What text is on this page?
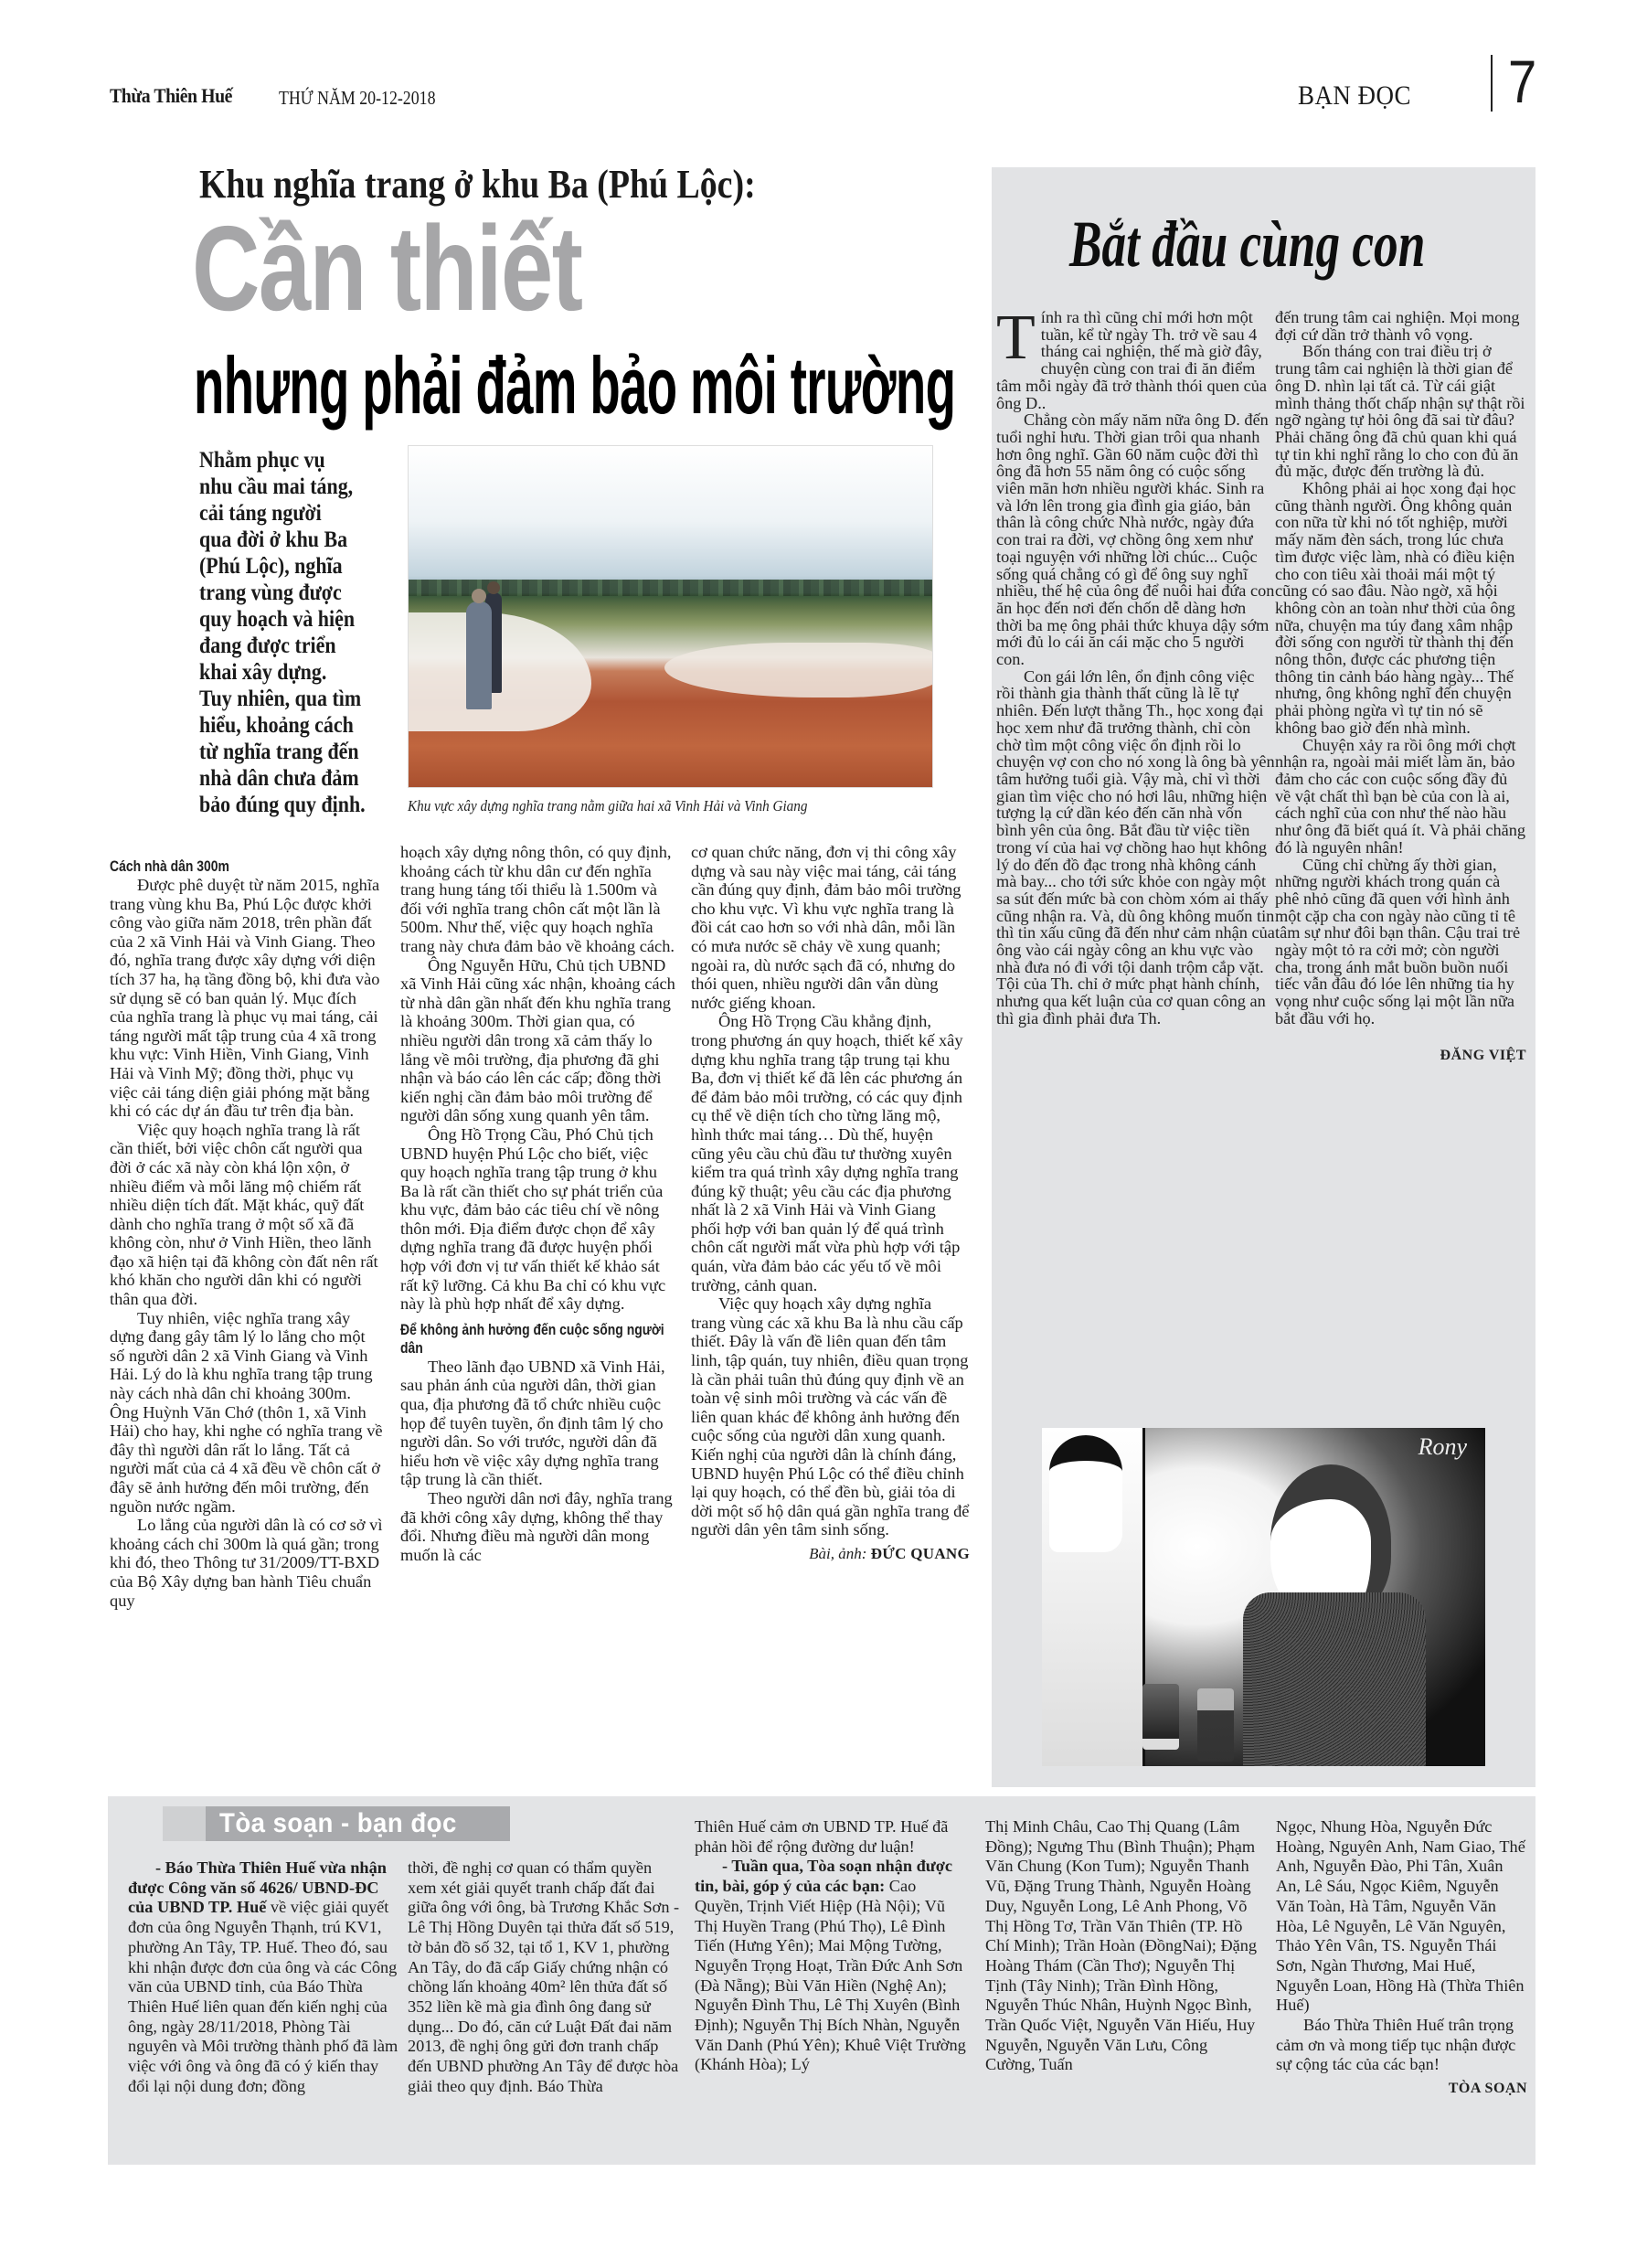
Thừa Thiên Huế THỨ NĂM 20-12-2018	BẠN ĐỌC 7
Khu nghĩa trang ở khu Ba (Phú Lộc):
Cần thiết
nhưng phải đảm bảo môi trường
Nhằm phục vụ
nhu cầu mai táng,
cải táng người
qua đời ở khu Ba
(Phú Lộc), nghĩa
trang vùng được
quy hoạch và hiện
đang được triển
khai xây dựng.
Tuy nhiên, qua tìm
hiểu, khoảng cách
từ nghĩa trang đến
nhà dân chưa đảm
bảo đúng quy định.	Khu vực xây dựng nghĩa trang nằm giữa hai xã Vinh Hải và Vinh Giang
Cách nhà dân 300m

Được phê duyệt từ năm 2015, nghĩa trang vùng khu Ba, Phú Lộc được khởi công vào giữa năm 2018, trên phần đất của 2 xã Vinh Hải và Vinh Giang. Theo đó, nghĩa trang được xây dựng với diện tích 37 ha, hạ tầng đồng bộ, khi đưa vào sử dụng sẽ có ban quản lý. Mục đích của nghĩa trang là phục vụ mai táng, cải táng người mất tập trung của 4 xã trong khu vực: Vinh Hiền, Vinh Giang, Vinh Hải và Vinh Mỹ; đồng thời, phục vụ việc cải táng diện giải phóng mặt bằng khi có các dự án đầu tư trên địa bàn.

Việc quy hoạch nghĩa trang là rất cần thiết, bởi việc chôn cất người qua đời ở các xã này còn khá lộn xộn, ở nhiều điểm và mỗi lăng mộ chiếm rất nhiều diện tích đất. Mặt khác, quỹ đất dành cho nghĩa trang ở một số xã đã không còn, như ở Vinh Hiền, theo lãnh đạo xã hiện tại đã không còn đất nên rất khó khăn cho người dân khi có người thân qua đời.

Tuy nhiên, việc nghĩa trang xây dựng đang gây tâm lý lo lắng cho một số người dân 2 xã Vinh Giang và Vinh Hải. Lý do là khu nghĩa trang tập trung này cách nhà dân chỉ khoảng 300m. Ông Huỳnh Văn Chớ (thôn 1, xã Vinh Hải) cho hay, khi nghe có nghĩa trang về đây thì người dân rất lo lắng. Tất cả người mất của cả 4 xã đều về chôn cất ở đây sẽ ảnh hưởng đến môi trường, đến nguồn nước ngầm.

Lo lắng của người dân là có cơ sở vì khoảng cách chỉ 300m là quá gần; trong khi đó, theo Thông tư 31/2009/TT-BXD của Bộ Xây dựng ban hành Tiêu chuẩn quy

hoạch xây dựng nông thôn, có quy định, khoảng cách từ khu dân cư đến nghĩa trang hung táng tối thiểu là 1.500m và đối với nghĩa trang chôn cất một lần là 500m. Như thế, việc quy hoạch nghĩa trang này chưa đảm bảo về khoảng cách.

Ông Nguyễn Hữu, Chủ tịch UBND xã Vinh Hải cũng xác nhận, khoảng cách từ nhà dân gần nhất đến khu nghĩa trang là khoảng 300m. Thời gian qua, có nhiều người dân trong xã cảm thấy lo lắng về môi trường, địa phương đã ghi nhận và báo cáo lên các cấp; đồng thời kiến nghị cần đảm bảo môi trường để người dân sống xung quanh yên tâm.

Ông Hồ Trọng Cầu, Phó Chủ tịch UBND huyện Phú Lộc cho biết, việc quy hoạch nghĩa trang tập trung ở khu Ba là rất cần thiết cho sự phát triển của khu vực, đảm bảo các tiêu chí về nông thôn mới. Địa điểm được chọn để xây dựng nghĩa trang đã được huyện phối hợp với đơn vị tư vấn thiết kế khảo sát rất kỹ lưỡng. Cả khu Ba chỉ có khu vực này là phù hợp nhất để xây dựng.

Để không ảnh hưởng đến cuộc sống người dân

Theo lãnh đạo UBND xã Vinh Hải, sau phản ánh của người dân, thời gian qua, địa phương đã tổ chức nhiều cuộc họp để tuyên tuyền, ổn định tâm lý cho người dân. So với trước, người dân đã hiểu hơn về việc xây dựng nghĩa trang tập trung là cần thiết.

Theo người dân nơi đây, nghĩa trang đã khởi công xây dựng, không thể thay đổi. Nhưng điều mà người dân mong muốn là các

cơ quan chức năng, đơn vị thi công xây dựng và sau này việc mai táng, cải táng cần đúng quy định, đảm bảo môi trường cho khu vực. Vì khu vực nghĩa trang là đồi cát cao hơn so với nhà dân, mỗi lần có mưa nước sẽ chảy về xung quanh; ngoài ra, dù nước sạch đã có, nhưng do thói quen, nhiều người dân vẫn dùng nước giếng khoan.

Ông Hồ Trọng Cầu khẳng định, trong phương án quy hoạch, thiết kế xây dựng khu nghĩa trang tập trung tại khu Ba, đơn vị thiết kế đã lên các phương án để đảm bảo môi trường, có các quy định cụ thể về diện tích cho từng lăng mộ, hình thức mai táng… Dù thế, huyện cũng yêu cầu chủ đầu tư thường xuyên kiểm tra quá trình xây dựng nghĩa trang đúng kỹ thuật; yêu cầu các địa phương nhất là 2 xã Vinh Hải và Vinh Giang phối hợp với ban quản lý để quá trình chôn cất người mất vừa phù hợp với tập quán, vừa đảm bảo các yếu tố về môi trường, cảnh quan.

Việc quy hoạch xây dựng nghĩa trang vùng các xã khu Ba là nhu cầu cấp thiết. Đây là vấn đề liên quan đến tâm linh, tập quán, tuy nhiên, điều quan trọng là cần phải tuân thủ đúng quy định về an toàn vệ sinh môi trường và các vấn đề liên quan khác để không ảnh hưởng đến cuộc sống của người dân xung quanh. Kiến nghị của người dân là chính đáng, UBND huyện Phú Lộc có thể điều chỉnh lại quy hoạch, có thể đền bù, giải tỏa di dời một số hộ dân quá gần nghĩa trang để người dân yên tâm sinh sống.

Bài, ảnh: ĐỨC QUANG
Bắt đầu cùng con

Tính ra thì cũng chỉ mới hơn một tuần, kể từ ngày Th. trở về sau 4 tháng cai nghiện, thế mà giờ đây, chuyện cùng con trai đi ăn điểm tâm mỗi ngày đã trở thành thói quen của ông D..

Chẳng còn mấy năm nữa ông D. đến tuổi nghỉ hưu. Thời gian trôi qua nhanh hơn ông nghĩ. Gần 60 năm cuộc đời thì ông đã hơn 55 năm ông có cuộc sống viên mãn hơn nhiều người khác. Sinh ra và lớn lên trong gia đình gia giáo, bản thân là công chức Nhà nước, ngày đứa con trai ra đời, vợ chồng ông xem như toại nguyện với những lời chúc... Cuộc sống quá chẳng có gì để ông suy nghĩ nhiều, thế hệ của ông để nuôi hai đứa con ăn học đến nơi đến chốn dễ dàng hơn thời ba mẹ ông phải thức khuya dậy sớm mới đủ lo cái ăn cái mặc cho 5 người con.

Con gái lớn lên, ổn định công việc rồi thành gia thành thất cũng là lẽ tự nhiên. Đến lượt thằng Th., học xong đại học xem như đã trưởng thành, chỉ còn chờ tìm một công việc ổn định rồi lo chuyện vợ con cho nó xong là ông bà yên tâm hưởng tuổi già. Vậy mà, chỉ vì thời gian tìm việc cho nó hơi lâu, những hiện tượng lạ cứ dần kéo đến căn nhà vốn bình yên của ông. Bắt đầu từ việc tiền trong ví của hai vợ chồng hao hụt không lý do đến đồ đạc trong nhà không cánh mà bay... cho tới sức khỏe con ngày một sa sút đến mức bà con chòm xóm ai thấy cũng nhận ra. Và, dù ông không muốn tin thì tin xấu cũng đã đến như cảm nhận của ông vào cái ngày công an khu vực vào nhà đưa nó đi với tội danh trộm cắp vặt. Tội của Th. chỉ ở mức phạt hành chính, nhưng qua kết luận của cơ quan công an thì gia đình phải đưa Th.

đến trung tâm cai nghiện. Mọi mong đợi cứ dần trở thành vô vọng.

Bốn tháng con trai điều trị ở trung tâm cai nghiện là thời gian để ông D. nhìn lại tất cả. Từ cái giật mình thảng thốt chấp nhận sự thật rồi ngỡ ngàng tự hỏi ông đã sai từ đâu? Phải chăng ông đã chủ quan khi quá tự tin khi nghĩ rằng lo cho con đủ ăn đủ mặc, được đến trường là đủ.

Không phải ai học xong đại học cũng thành người. Ông không quản con nữa từ khi nó tốt nghiệp, mười mấy năm đèn sách, trong lúc chưa tìm được việc làm, nhà có điều kiện cho con tiêu xài thoải mái một tý cũng có sao đâu. Nào ngờ, xã hội không còn an toàn như thời của ông nữa, chuyện ma túy đang xâm nhập đời sống con người từ thành thị đến nông thôn, được các phương tiện thông tin cảnh báo hàng ngày... Thế nhưng, ông không nghĩ đến chuyện phải phòng ngừa vì tự tin nó sẽ không bao giờ đến nhà mình.

Chuyện xảy ra rồi ông mới chợt nhận ra, ngoài mải miết làm ăn, bảo đảm cho các con cuộc sống đầy đủ về vật chất thì bạn bè của con là ai, cách nghĩ của con như thế nào hầu như ông đã biết quá ít. Và phải chăng đó là nguyên nhân!

Cũng chỉ chừng ấy thời gian, những người khách trong quán cà phê nhỏ cũng đã quen với hình ảnh một cặp cha con ngày nào cũng tỉ tê tâm sự như đôi bạn thân. Cậu trai trẻ ngày một tỏ ra cởi mở; còn người cha, trong ánh mắt buồn buồn nuối tiếc vẫn đâu đó lóe lên những tia hy vọng như cuộc sống lại một lần nữa bắt đầu với họ.

ĐĂNG VIỆT
Rony
Tòa soạn - bạn đọc

- Báo Thừa Thiên Huế vừa nhận được Công văn số 4626/ UBND-ĐC của UBND TP. Huế về việc giải quyết đơn của ông Nguyễn Thạnh, trú KV1, phường An Tây, TP. Huế. Theo đó, sau khi nhận được đơn của ông và các Công văn của UBND tỉnh, của Báo Thừa Thiên Huế liên quan đến kiến nghị của ông, ngày 28/11/2018, Phòng Tài nguyên và Môi trường thành phố đã làm việc với ông và ông đã có ý kiến thay đổi lại nội dung đơn; đồng

thời, đề nghị cơ quan có thẩm quyền xem xét giải quyết tranh chấp đất đai giữa ông với ông, bà Trương Khắc Sơn -Lê Thị Hồng Duyên tại thửa đất số 519, tờ bản đồ số 32, tại tổ 1, KV 1, phường An Tây, do đã cấp Giấy chứng nhận có chồng lấn khoảng 40m² lên thửa đất số 352 liền kề mà gia đình ông đang sử dụng... Do đó, căn cứ Luật Đất đai năm 2013, đề nghị ông gửi đơn tranh chấp đến UBND phường An Tây để được hòa giải theo quy định. Báo Thừa

Thiên Huế cảm ơn UBND TP. Huế đã phản hồi để rộng đường dư luận!

- Tuần qua, Tòa soạn nhận được tin, bài, góp ý của các bạn: Cao Quyền, Trịnh Viết Hiệp (Hà Nội); Vũ Thị Huyền Trang (Phú Thọ), Lê Đình Tiến (Hưng Yên); Mai Mộng Tường, Nguyễn Trọng Hoạt, Trần Đức Anh Sơn (Đà Nẵng); Bùi Văn Hiền (Nghệ An); Nguyễn Đình Thu, Lê Thị Xuyên (Bình Định); Nguyễn Thị Bích Nhàn, Nguyễn Văn Danh (Phú Yên); Khuê Việt Trường (Khánh Hòa); Lý

Thị Minh Châu, Cao Thị Quang (Lâm Đồng); Ngưng Thu (Bình Thuận); Phạm Văn Chung (Kon Tum); Nguyễn Thanh Vũ, Đặng Trung Thành, Nguyễn Hoàng Duy, Nguyễn Long, Lê Anh Phong, Võ Thị Hồng Tơ, Trần Văn Thiên (TP. Hồ Chí Minh); Trần Hoàn (ĐồngNai); Đặng Hoàng Thám (Cần Thơ); Nguyễn Thị Tịnh (Tây Ninh); Trần Đình Hồng, Nguyễn Thúc Nhân, Huỳnh Ngọc Bình, Trần Quốc Việt, Nguyễn Văn Hiếu, Huy Nguyễn, Nguyễn Văn Lưu, Công Cường, Tuấn

Ngọc, Nhung Hòa, Nguyễn Đức Hoàng, Nguyên Anh, Nam Giao, Thế Anh, Nguyễn Đào, Phi Tân, Xuân An, Lê Sáu, Ngọc Kiêm, Nguyễn Văn Toàn, Hà Tâm, Nguyễn Văn Hòa, Lê Nguyễn, Lê Văn Nguyên, Thảo Yên Vân, TS. Nguyễn Thái Sơn, Ngàn Thương, Mai Huế, Nguyễn Loan, Hồng Hà (Thừa Thiên Huế)

Báo Thừa Thiên Huế trân trọng cảm ơn và mong tiếp tục nhận được sự cộng tác của các bạn!

TÒA SOẠN
